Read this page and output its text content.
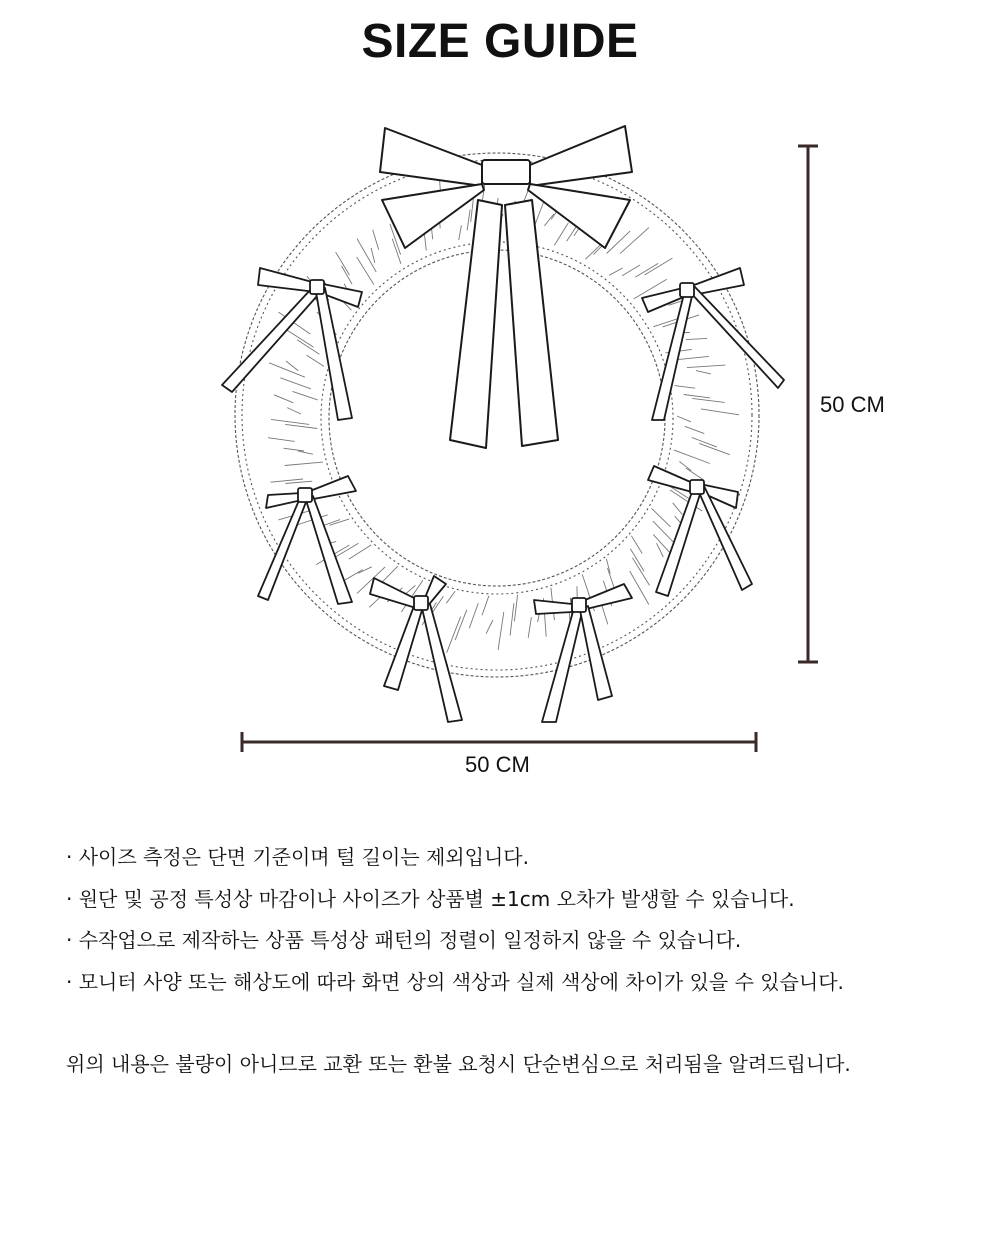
SIZE GUIDE
50 CM
50 CM
· 사이즈 측정은 단면 기준이며 털 길이는 제외입니다.
· 원단 및 공정 특성상 마감이나 사이즈가 상품별 ±1cm 오차가 발생할 수 있습니다.
· 수작업으로 제작하는 상품 특성상 패턴의 정렬이 일정하지 않을 수 있습니다.
· 모니터 사양 또는 해상도에 따라 화면 상의 색상과 실제 색상에 차이가 있을 수 있습니다.

위의 내용은 불량이 아니므로 교환 또는 환불 요청시 단순변심으로 처리됨을 알려드립니다.
